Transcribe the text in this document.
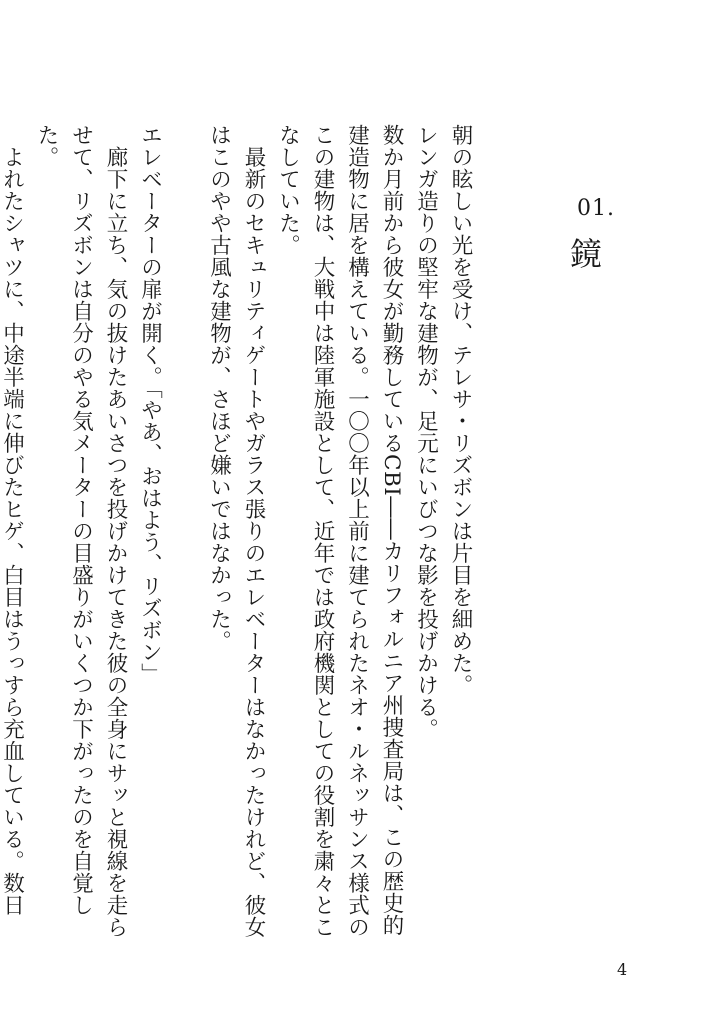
01.
鏡

朝の眩しい光を受け、テレサ・リズボンは片目を細めた。

レンガ造りの堅牢な建物が、足元にいびつな影を投げかける。

数か月前から彼女が勤務しているCBI――カリフォルニア州捜査局は、この歴史的建造物に居を構えている。一〇〇年以上前に建てられたネオ・ルネッサンス様式のこの建物は、大戦中は陸軍施設として、近年では政府機関としての役割を粛々とこなしていた。

最新のセキュリティゲートやガラス張りのエレベーターはなかったけれど、彼女はこのやや古風な建物が、さほど嫌いではなかった。

エレベーターの扉が開く。「やあ、おはよう、リズボン」

廊下に立ち、気の抜けたあいさつを投げかけてきた彼の全身にサッと視線を走らせて、リズボンは自分のやる気メーターの目盛りがいくつか下がったのを自覚した。

よれたシャツに、中途半端に伸びたヒゲ、白目はうっすら充血している。数日

4
